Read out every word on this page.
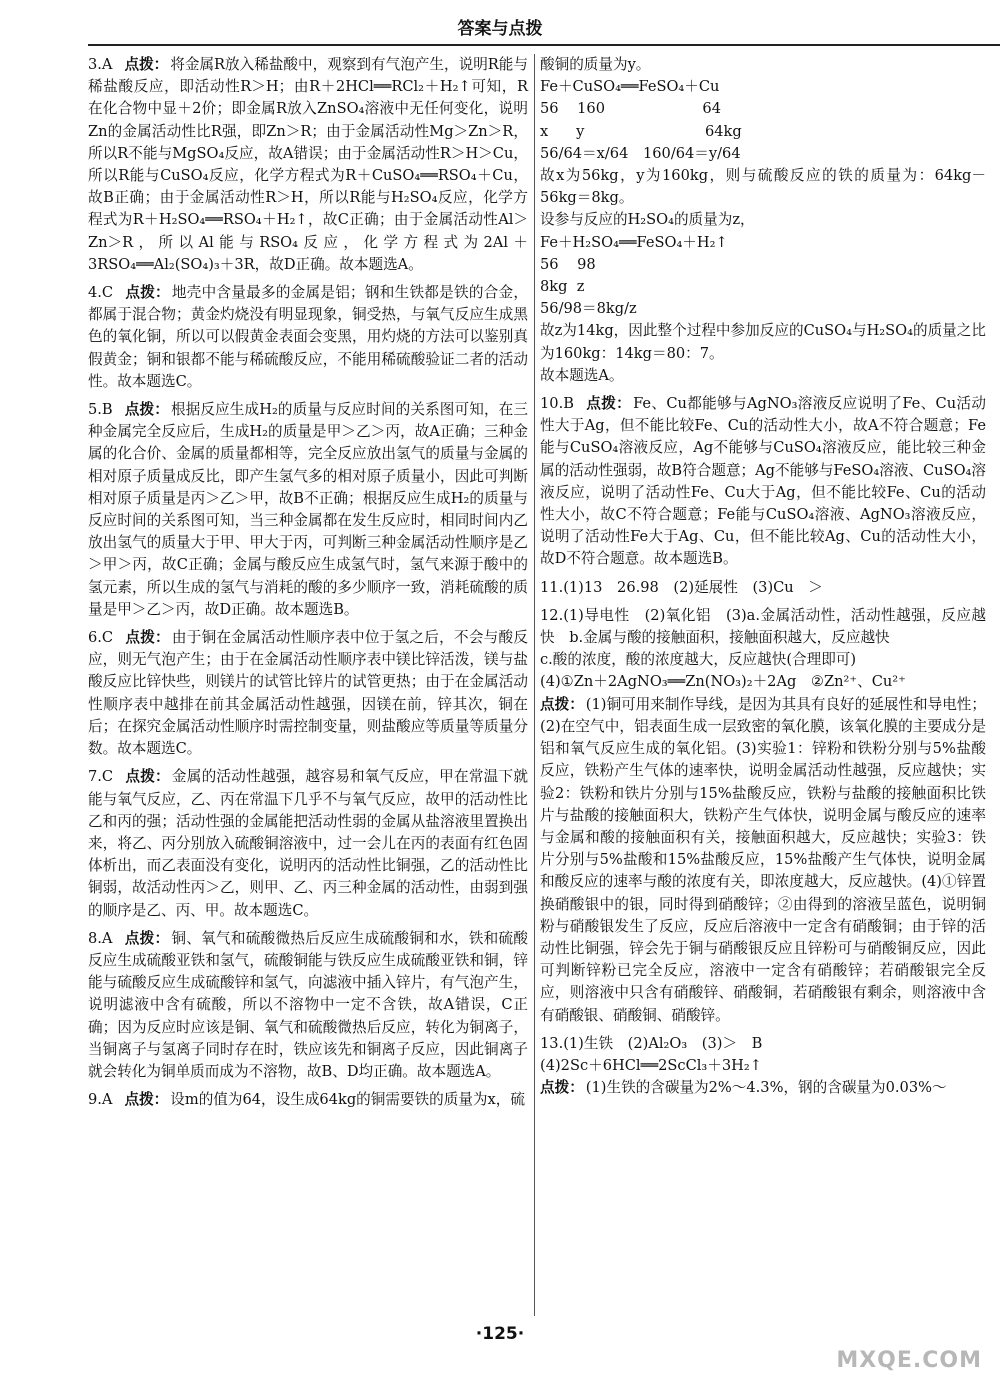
答案与点拨
3.A 点拨： 将金属R放入稀盐酸中，观察到有气泡产生，说明R能与稀盐酸反应，即活动性R＞H；由R＋2HCl══RCl₂＋H₂↑可知，R在化合物中显＋2价；即金属R放入ZnSO₄溶液中无任何变化，说明Zn的金属活动性比R强，即Zn＞R；由于金属活动性Mg＞Zn＞R，所以R不能与MgSO₄反应，故A错误；由于金属活动性R＞H＞Cu，所以R能与CuSO₄反应，化学方程式为R＋CuSO₄══RSO₄＋Cu，故B正确；由于金属活动性R＞H，所以R能与H₂SO₄反应，化学方程式为R＋H₂SO₄══RSO₄＋H₂↑，故C正确；由于金属活动性Al＞Zn＞R，所以Al能与RSO₄反应，化学方程式为2Al＋3RSO₄══Al₂(SO₄)₃＋3R，故D正确。故本题选A。
4.C 点拨： 地壳中含量最多的金属是铝；钢和生铁都是铁的合金，都属于混合物；黄金灼烧没有明显现象，铜受热，与氧气反应生成黑色的氧化铜，所以可以假黄金表面会变黑，用灼烧的方法可以鉴别真假黄金；铜和银都不能与稀硫酸反应，不能用稀硫酸验证二者的活动性。故本题选C。
5.B 点拨： 根据反应生成H₂的质量与反应时间的关系图可知，在三种金属完全反应后，生成H₂的质量是甲＞乙＞丙，故A正确；三种金属的化合价、金属的质量都相等，完全反应放出氢气的质量与金属的相对原子质量成反比，即产生氢气多的相对原子质量小，因此可判断相对原子质量是丙＞乙＞甲，故B不正确；根据反应生成H₂的质量与反应时间的关系图可知，当三种金属都在发生反应时，相同时间内乙放出氢气的质量大于甲、甲大于丙，可判断三种金属活动性顺序是乙＞甲＞丙，故C正确；金属与酸反应生成氢气时，氢气来源于酸中的氢元素，所以生成的氢气与消耗的酸的多少顺序一致，消耗硫酸的质量是甲＞乙＞丙，故D正确。故本题选B。
6.C 点拨： 由于铜在金属活动性顺序表中位于氢之后，不会与酸反应，则无气泡产生；由于在金属活动性顺序表中镁比锌活泼，镁与盐酸反应比锌快些，则镁片的试管比锌片的试管更热；由于在金属活动性顺序表中越排在前其金属活动性越强，因镁在前，锌其次，铜在后；在探究金属活动性顺序时需控制变量，则盐酸应等质量等质量分数。故本题选C。
7.C 点拨： 金属的活动性越强，越容易和氧气反应，甲在常温下就能与氧气反应，乙、丙在常温下几乎不与氧气反应，故甲的活动性比乙和丙的强；活动性强的金属能把活动性弱的金属从盐溶液里置换出来，将乙、丙分别放入硫酸铜溶液中，过一会儿在丙的表面有红色固体析出，而乙表面没有变化，说明丙的活动性比铜强，乙的活动性比铜弱，故活动性丙＞乙，则甲、乙、丙三种金属的活动性，由弱到强的顺序是乙、丙、甲。故本题选C。
8.A 点拨： 铜、氧气和硫酸微热后反应生成硫酸铜和水，铁和硫酸反应生成硫酸亚铁和氢气，硫酸铜能与铁反应生成硫酸亚铁和铜，锌能与硫酸反应生成硫酸锌和氢气，向滤液中插入锌片，有气泡产生，说明滤液中含有硫酸，所以不溶物中一定不含铁，故A错误，C正确；因为反应时应该是铜、氧气和硫酸微热后反应，转化为铜离子，当铜离子与氢离子同时存在时，铁应该先和铜离子反应，因此铜离子就会转化为铜单质而成为不溶物，故B、D均正确。故本题选A。
9.A 点拨： 设m的值为64，设生成64kg的铜需要铁的质量为x，硫
酸铜的质量为y。
Fe＋CuSO₄══FeSO₄＋Cu
56 160	64
x y	64kg
56/64＝x/64　160/64＝y/64
故x为56kg，y为160kg，则与硫酸反应的铁的质量为：64kg－56kg＝8kg。
设参与反应的H₂SO₄的质量为z，
Fe＋H₂SO₄══FeSO₄＋H₂↑
56 98
8kg z
56/98＝8kg/z
故z为14kg，因此整个过程中参加反应的CuSO₄与H₂SO₄的质量之比为160kg：14kg＝80：7。
故本题选A。
10.B 点拨： Fe、Cu都能够与AgNO₃溶液反应说明了Fe、Cu活动性大于Ag，但不能比较Fe、Cu的活动性大小，故A不符合题意；Fe能与CuSO₄溶液反应，Ag不能够与CuSO₄溶液反应，能比较三种金属的活动性强弱，故B符合题意；Ag不能够与FeSO₄溶液、CuSO₄溶液反应，说明了活动性Fe、Cu大于Ag，但不能比较Fe、Cu的活动性大小，故C不符合题意；Fe能与CuSO₄溶液、AgNO₃溶液反应，说明了活动性Fe大于Ag、Cu，但不能比较Ag、Cu的活动性大小，故D不符合题意。故本题选B。
11.(1)13　26.98　(2)延展性　(3)Cu　＞
12.(1)导电性　(2)氧化铝　(3)a.金属活动性，活动性越强，反应越快　b.金属与酸的接触面积，接触面积越大，反应越快
c.酸的浓度，酸的浓度越大，反应越快(合理即可)
(4)①Zn＋2AgNO₃══Zn(NO₃)₂＋2Ag　②Zn²⁺、Cu²⁺
点拨： (1)铜可用来制作导线，是因为其具有良好的延展性和导电性；(2)在空气中，铝表面生成一层致密的氧化膜，该氧化膜的主要成分是铝和氧气反应生成的氧化铝。(3)实验1：锌粉和铁粉分别与5%盐酸反应，铁粉产生气体的速率快，说明金属活动性越强，反应越快；实验2：铁粉和铁片分别与15%盐酸反应，铁粉与盐酸的接触面积比铁片与盐酸的接触面积大，铁粉产生气体快，说明金属与酸反应的速率与金属和酸的接触面积有关，接触面积越大，反应越快；实验3：铁片分别与5%盐酸和15%盐酸反应，15%盐酸产生气体快，说明金属和酸反应的速率与酸的浓度有关，即浓度越大，反应越快。(4)①锌置换硝酸银中的银，同时得到硝酸锌；②由得到的溶液呈蓝色，说明铜粉与硝酸银发生了反应，反应后溶液中一定含有硝酸铜；由于锌的活动性比铜强，锌会先于铜与硝酸银反应且锌粉可与硝酸铜反应，因此可判断锌粉已完全反应，溶液中一定含有硝酸锌；若硝酸银完全反应，则溶液中只含有硝酸锌、硝酸铜，若硝酸银有剩余，则溶液中含有硝酸银、硝酸铜、硝酸锌。
13.(1)生铁　(2)Al₂O₃　(3)＞　B
(4)2Sc＋6HCl══2ScCl₃＋3H₂↑
点拨： (1)生铁的含碳量为2%～4.3%，钢的含碳量为0.03%～
·125·
MXQE.COM
